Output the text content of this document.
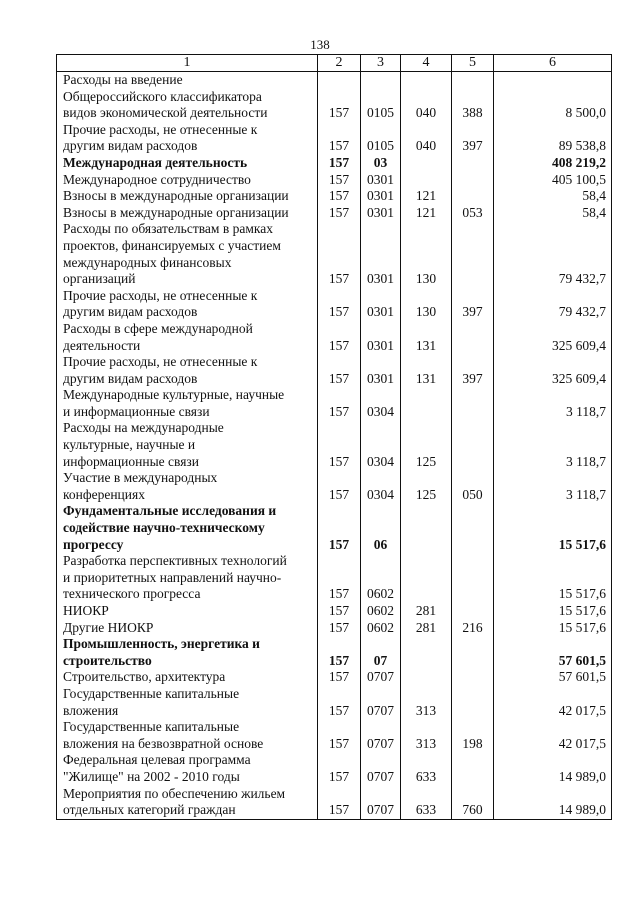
138
1	2	3	4	5	6

Расходы на введение
Общероссийского классификатора
видов экономической деятельности	157	0105	040	388	8 500,0

Прочие расходы, не отнесенные к
другим видам расходов	157	0105	040	397	89 538,8

Международная деятельность	157	03			408 219,2

Международное сотрудничество	157	0301			405 100,5

Взносы в международные организации	157	0301	121		58,4

Взносы в международные организации	157	0301	121	053	58,4

Расходы по обязательствам в рамках
проектов, финансируемых с участием
международных финансовых
организаций	157	0301	130		79 432,7

Прочие расходы, не отнесенные к
другим видам расходов	157	0301	130	397	79 432,7

Расходы в сфере международной
деятельности	157	0301	131		325 609,4

Прочие расходы, не отнесенные к
другим видам расходов	157	0301	131	397	325 609,4

Международные культурные, научные
и информационные связи	157	0304			3 118,7

Расходы на международные
культурные, научные и
информационные связи	157	0304	125		3 118,7

Участие в международных
конференциях	157	0304	125	050	3 118,7

Фундаментальные исследования и
содействие научно-техническому
прогрессу	157	06			15 517,6

Разработка перспективных технологий
и приоритетных направлений научно-
технического прогресса	157	0602			15 517,6

НИОКР	157	0602	281		15 517,6

Другие НИОКР	157	0602	281	216	15 517,6

Промышленность, энергетика и
строительство	157	07			57 601,5

Строительство, архитектура	157	0707			57 601,5

Государственные капитальные
вложения	157	0707	313		42 017,5

Государственные капитальные
вложения на безвозвратной основе	157	0707	313	198	42 017,5

Федеральная целевая программа
"Жилище" на 2002 - 2010 годы	157	0707	633		14 989,0

Мероприятия по обеспечению жильем
отдельных категорий граждан	157	0707	633	760	14 989,0
